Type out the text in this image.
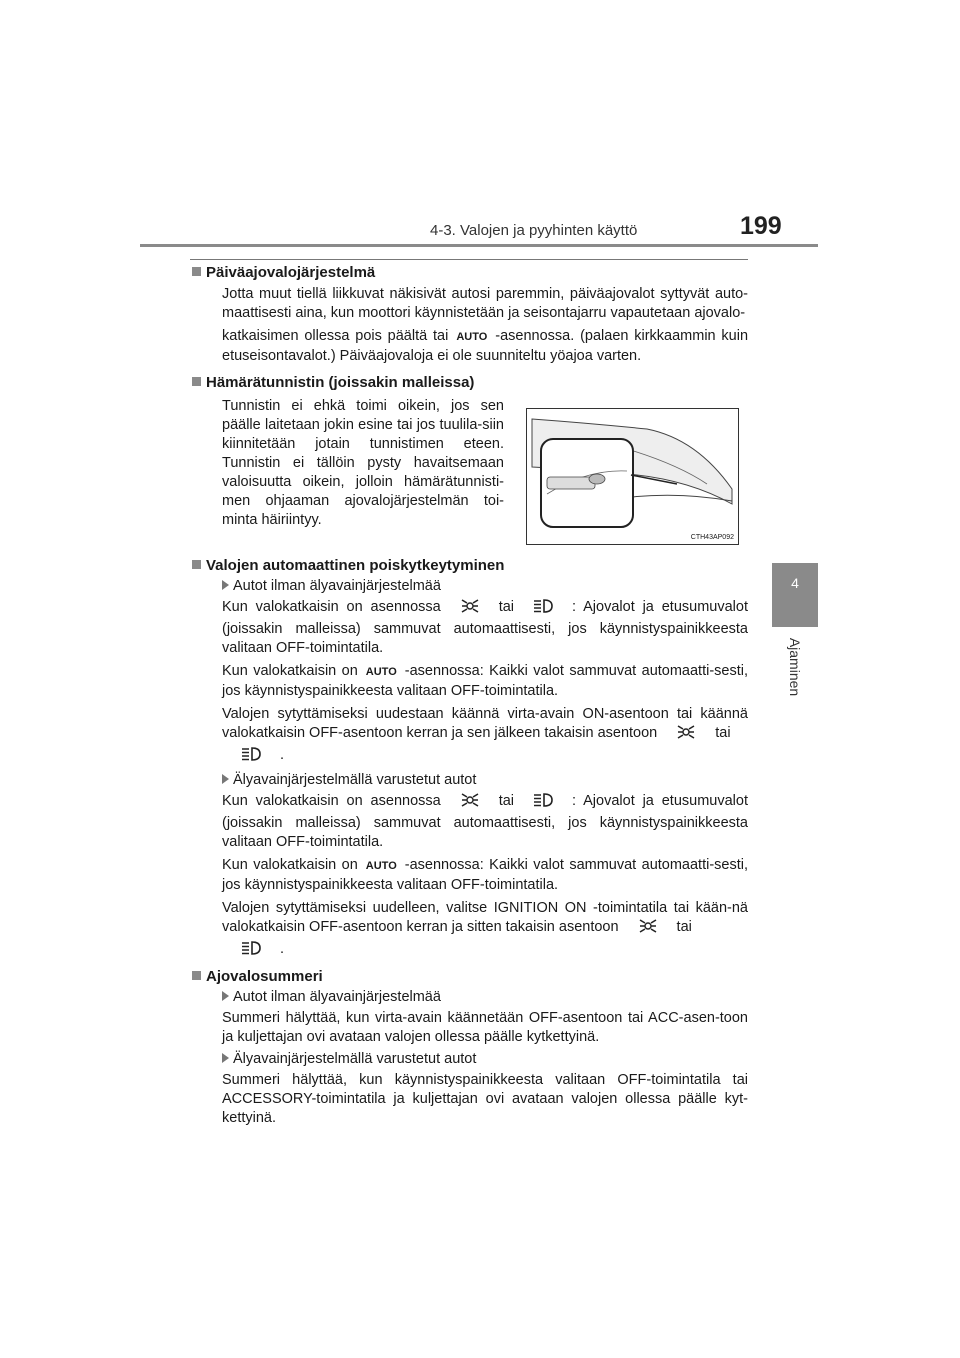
4-3. Valojen ja pyyhinten käyttö	199
4
Ajaminen
Päiväajovalojärjestelmä

Jotta muut tiellä liikkuvat näkisivät autosi paremmin, päiväajovalot syttyvät auto-maattisesti aina, kun moottori käynnistetään ja seisontajarru vapautetaan ajovalo-

katkaisimen ollessa pois päältä tai AUTO -asennossa. (palaen kirkkaammin kuin etuseisontavalot.) Päiväajovaloja ei ole suunniteltu yöajoa varten.

Hämärätunnistin (joissakin malleissa)
Tunnistin ei ehkä toimi oikein, jos sen päälle laitetaan jokin esine tai jos tuulila-siin kiinnitetään jotain tunnistimen eteen. Tunnistin ei tällöin pysty havaitsemaan valoisuutta oikein, jolloin hämärätunnisti-men ohjaaman ajovalojärjestelmän toi-minta häiriintyy.
Valojen automaattinen poiskytkeytyminen
Autot ilman älyavainjärjestelmää

Kun valokatkaisin on asennossa	tai	: Ajovalot ja etusumuvalot (joissakin malleissa) sammuvat automaattisesti, jos käynnistyspainikkeesta valitaan OFF-toimintatila.

Kun valokatkaisin on AUTO -asennossa: Kaikki valot sammuvat automaatti-sesti, jos käynnistyspainikkeesta valitaan OFF-toimintatila.

Valojen sytyttämiseksi uudestaan käännä virta-avain ON-asentoon tai käännä valokatkaisin OFF-asentoon kerran ja sen jälkeen takaisin asentoon	tai
.

Älyavainjärjestelmällä varustetut autot

Kun valokatkaisin on asennossa	tai	: Ajovalot ja etusumuvalot (joissakin malleissa) sammuvat automaattisesti, jos käynnistyspainikkeesta valitaan OFF-toimintatila.

Kun valokatkaisin on AUTO -asennossa: Kaikki valot sammuvat automaatti-sesti, jos käynnistyspainikkeesta valitaan OFF-toimintatila.

Valojen sytyttämiseksi uudelleen, valitse IGNITION ON -toimintatila tai kään-nä valokatkaisin OFF-asentoon kerran ja sitten takaisin asentoon	tai
.

Ajovalosummeri
Autot ilman älyavainjärjestelmää

Summeri hälyttää, kun virta-avain käännetään OFF-asentoon tai ACC-asen-toon ja kuljettajan ovi avataan valojen ollessa päälle kytkettyinä.

Älyavainjärjestelmällä varustetut autot

Summeri hälyttää, kun käynnistyspainikkeesta valitaan OFF-toimintatila tai ACCESSORY-toimintatila ja kuljettajan ovi avataan valojen ollessa päälle kyt-kettyinä.

CTH43AP092
